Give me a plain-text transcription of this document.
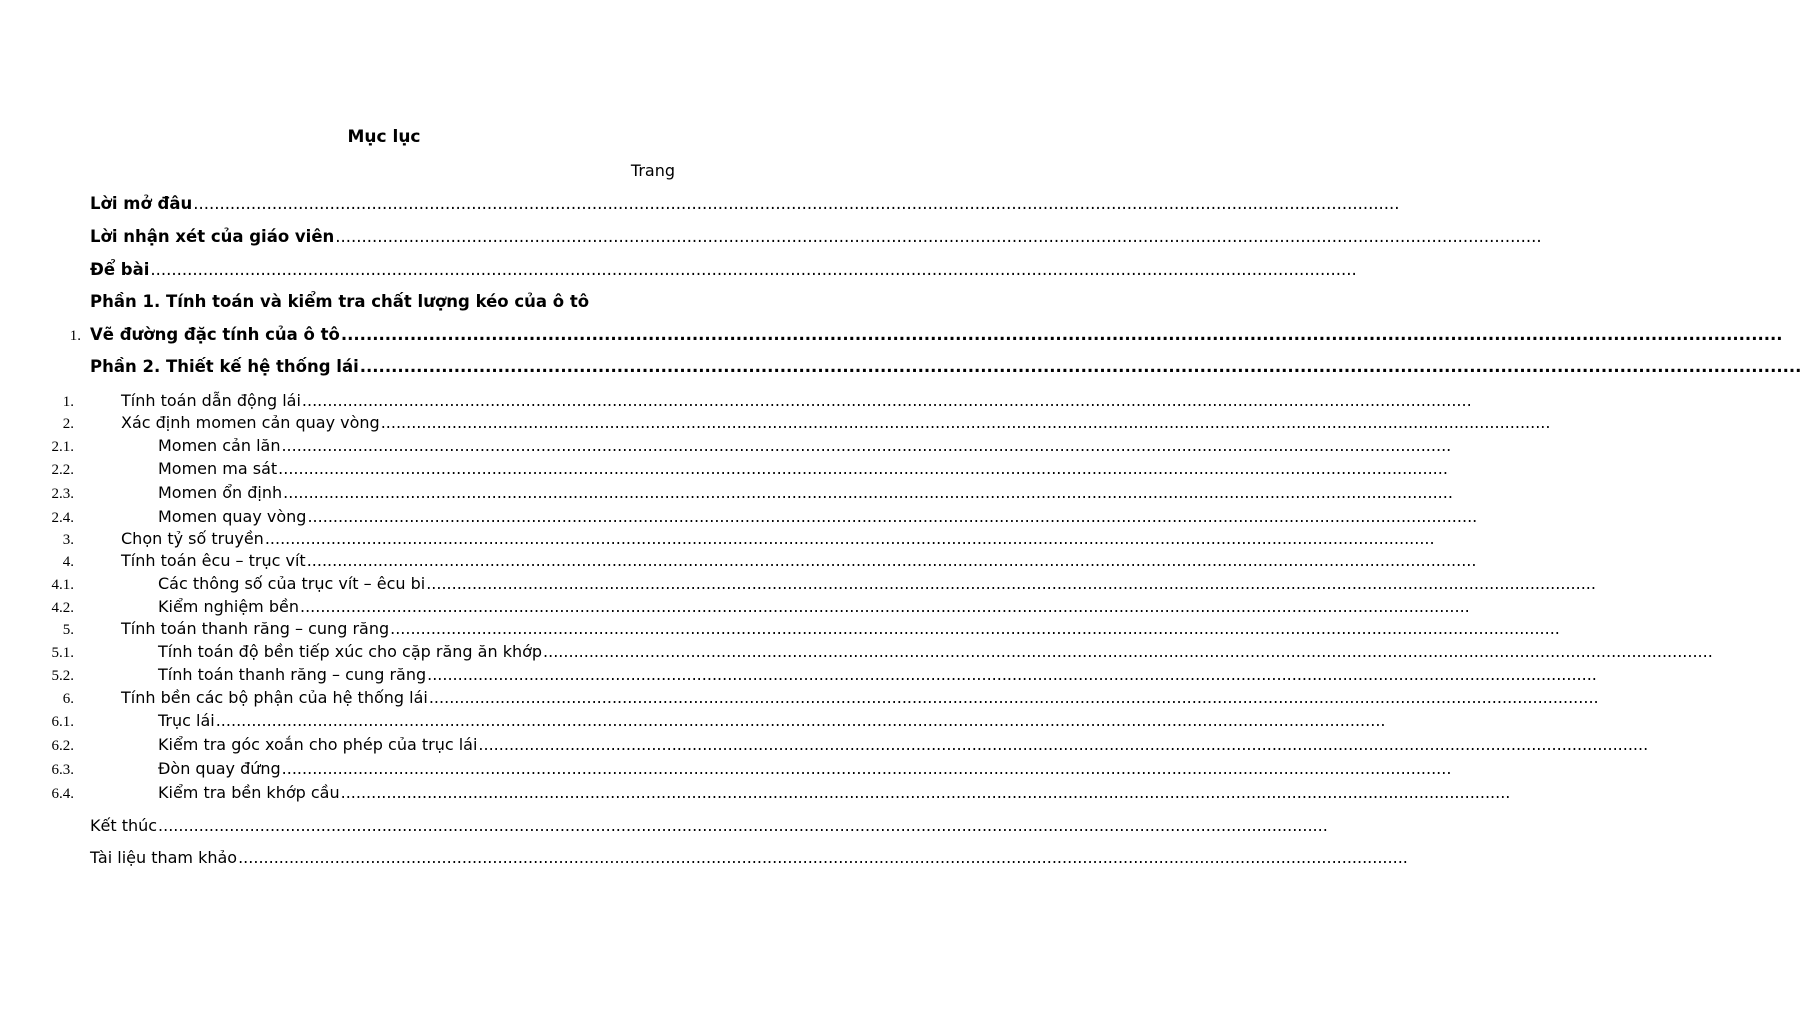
Mục lục
Trang
Lời mở đâu ......................................................................................................................................................................................................................................
Lời nhận xét của giáo viên ......................................................................................................................................................................................................................................
Để bài ......................................................................................................................................................................................................................................
Phần 1. Tính toán và kiểm tra chất lượng kéo của ô tô
1. Vẽ đường đặc tính của ô tô ......................................................................................................................................................................................................................................
Phần 2. Thiết kế hệ thống lái ......................................................................................................................................................................................................................................
1.	Tính toán dẫn động lái ......................................................................................................................................................................................................................................
2.	Xác định momen cản quay vòng ......................................................................................................................................................................................................................................
2.1.	Momen cản lăn ......................................................................................................................................................................................................................................
2.2.	Momen ma sát ......................................................................................................................................................................................................................................
2.3.	Momen ổn định ......................................................................................................................................................................................................................................
2.4.	Momen quay vòng ......................................................................................................................................................................................................................................
3.	Chọn tỷ số truyền ......................................................................................................................................................................................................................................
4.	Tính toán êcu – trục vít ......................................................................................................................................................................................................................................
4.1.	Các thông số của trục vít – êcu bi ......................................................................................................................................................................................................................................
4.2.	Kiểm nghiệm bền ......................................................................................................................................................................................................................................
5.	Tính toán thanh răng – cung răng ......................................................................................................................................................................................................................................
5.1.	Tính toán độ bền tiếp xúc cho cặp răng ăn khớp ......................................................................................................................................................................................................................................
5.2.	Tính toán thanh răng – cung răng ......................................................................................................................................................................................................................................
6.	Tính bền các bộ phận của hệ thống lái ......................................................................................................................................................................................................................................
6.1.	Trục lái ......................................................................................................................................................................................................................................
6.2.	Kiểm tra góc xoắn cho phép của trục lái ......................................................................................................................................................................................................................................
6.3.	Đòn quay đứng ......................................................................................................................................................................................................................................
6.4.	Kiểm tra bền khớp cầu ......................................................................................................................................................................................................................................
Kết thúc ......................................................................................................................................................................................................................................
Tài liệu tham khảo ......................................................................................................................................................................................................................................
